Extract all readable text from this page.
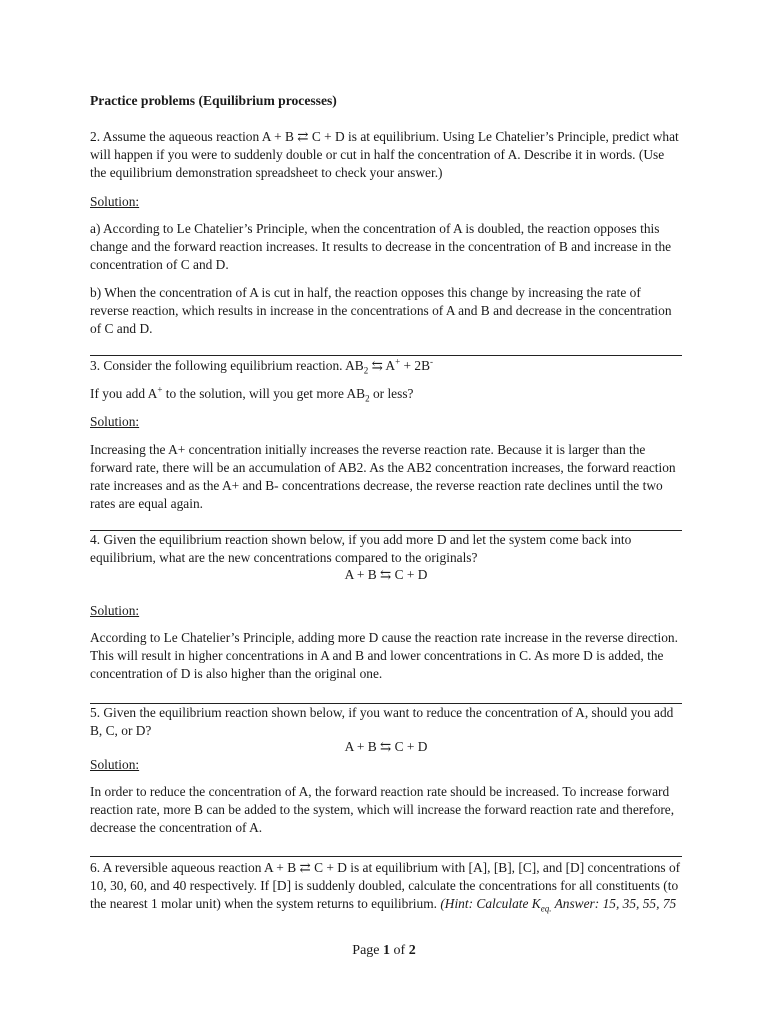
Practice problems (Equilibrium processes)

2. Assume the aqueous reaction A + B ⇄ C + D is at equilibrium. Using Le Chatelier’s Principle, predict what will happen if you were to suddenly double or cut in half the concentration of A. Describe it in words. (Use the equilibrium demonstration spreadsheet to check your answer.)

Solution:

a) According to Le Chatelier’s Principle, when the concentration of A is doubled, the reaction opposes this change and the forward reaction increases. It results to decrease in the concentration of B and increase in the concentration of C and D.

b) When the concentration of A is cut in half, the reaction opposes this change by increasing the rate of reverse reaction, which results in increase in the concentrations of A and B and decrease in the concentration of C and D.

3. Consider the following equilibrium reaction. $AB_2$ ⇆ A+ + 2B-

If you add A+ to the solution, will you get more $AB_2$ or less?

Solution:

Increasing the A+ concentration initially increases the reverse reaction rate. Because it is larger than the forward rate, there will be an accumulation of AB2. As the AB2 concentration increases, the forward reaction rate increases and as the A+ and B- concentrations decrease, the reverse reaction rate declines until the two rates are equal again.

4. Given the equilibrium reaction shown below, if you add more D and let the system come back into equilibrium, what are the new concentrations compared to the originals?

A + B ⇆ C + D

Solution:

According to Le Chatelier’s Principle, adding more D cause the reaction rate increase in the reverse direction. This will result in higher concentrations in A and B and lower concentrations in C. As more D is added, the concentration of D is also higher than the original one.

5. Given the equilibrium reaction shown below, if you want to reduce the concentration of A, should you add B, C, or D?

A + B ⇆ C + D

Solution:

In order to reduce the concentration of A, the forward reaction rate should be increased. To increase forward reaction rate, more B can be added to the system, which will increase the forward reaction rate and therefore, decrease the concentration of A.

6. A reversible aqueous reaction A + B ⇄ C + D is at equilibrium with [A], [B], [C], and [D] concentrations of 10, 30, 60, and 40 respectively. If [D] is suddenly doubled, calculate the concentrations for all constituents (to the nearest 1 molar unit) when the system returns to equilibrium. (Hint: Calculate $K_{eq.}$ Answer: 15, 35, 55, 75

Page 1 of 2
